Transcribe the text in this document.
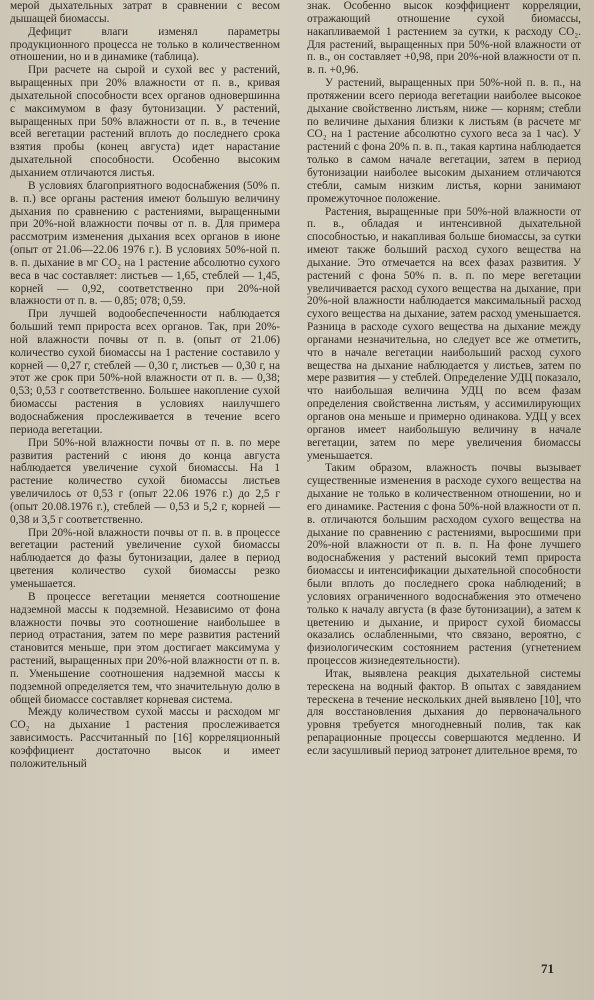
мерой дыхательных затрат в сравнении с весом дышащей биомассы.

Дефицит влаги изменял параметры продукционного процесса не только в количественном отношении, но и в динамике (таблица).

При расчете на сырой и сухой вес у растений, выращенных при 20% влажности от п. в., кривая дыхательной способности всех органов одновершинна с максимумом в фазу бутонизации. У растений, выращенных при 50% влажности от п. в., в течение всей вегетации растений вплоть до последнего срока взятия пробы (конец августа) идет нарастание дыхательной способности. Особенно высоким дыханием отличаются листья.

В условиях благоприятного водоснабжения (50% п. в. п.) все органы растения имеют большую величину дыхания по сравнению с растениями, выращенными при 20%-ной влажности почвы от п. в. Для примера рассмотрим изменения дыхания всех органов в июне (опыт от 21.06—22.06 1976 г.). В условиях 50%-ной п. в. п. дыхание в мг CO₂ на 1 растение абсолютно сухого веса в час составляет: листьев — 1,65, стеблей — 1,45, корней — 0,92, соответственно при 20%-ной влажности от п. в. — 0,85; 078; 0,59.

При лучшей водообеспеченности наблюдается больший темп прироста всех органов. Так, при 20%-ной влажности почвы от п. в. (опыт от 21.06) количество сухой биомассы на 1 растение составило у корней — 0,27 г, стеблей — 0,30 г, листьев — 0,30 г, на этот же срок при 50%-ной влажности от п. в. — 0,38; 0,53; 0,53 г соответственно. Большее накопление сухой биомассы растения в условиях наилучшего водоснабжения прослеживается в течение всего периода вегетации.

При 50%-ной влажности почвы от п. в. по мере развития растений с июня до конца августа наблюдается увеличение сухой биомассы. На 1 растение количество сухой биомассы листьев увеличилось от 0,53 г (опыт 22.06 1976 г.) до 2,5 г (опыт 20.08.1976 г.), стеблей — 0,53 и 5,2 г, корней — 0,38 и 3,5 г соответственно.

При 20%-ной влажности почвы от п. в. в процессе вегетации растений увеличение сухой биомассы наблюдается до фазы бутонизации, далее в период цветения количество сухой биомассы резко уменьшается.

В процессе вегетации меняется соотношение надземной массы к подземной. Независимо от фона влажности почвы это соотношение наибольшее в период отрастания, затем по мере развития растений становится меньше, при этом достигает максимума у растений, выращенных при 20%-ной влажности от п. в. п. Уменьшение соотношения надземной массы к подземной определяется тем, что значительную долю в общей биомассе составляет корневая система.

Между количеством сухой массы и расходом мг CO₂ на дыхание 1 растения прослеживается зависимость. Рассчитанный по [16] корреляционный коэффициент достаточно высок и имеет положительный

знак. Особенно высок коэффициент корреляции, отражающий отношение сухой биомассы, накапливаемой 1 растением за сутки, к расходу CO₂. Для растений, выращенных при 50%-ной влажности от п. в., он составляет +0,98, при 20%-ной влажности от п. в. п. +0,96.

У растений, выращенных при 50%-ной п. в. п., на протяжении всего периода вегетации наиболее высокое дыхание свойственно листьям, ниже — корням; стебли по величине дыхания близки к листьям (в расчете мг CO₂ на 1 растение абсолютно сухого веса за 1 час). У растений с фона 20% п. в. п., такая картина наблюдается только в самом начале вегетации, затем в период бутонизации наиболее высоким дыханием отличаются стебли, самым низким листья, корни занимают промежуточное положение.

Растения, выращенные при 50%-ной влажности от п. в., обладая и интенсивной дыхательной способностью, и накапливая больше биомассы, за сутки имеют также больший расход сухого вещества на дыхание. Это отмечается на всех фазах развития. У растений с фона 50% п. в. п. по мере вегетации увеличивается расход сухого вещества на дыхание, при 20%-ной влажности наблюдается максимальный расход сухого вещества на дыхание, затем расход уменьшается. Разница в расходе сухого вещества на дыхание между органами незначительна, но следует все же отметить, что в начале вегетации наибольший расход сухого вещества на дыхание наблюдается у листьев, затем по мере развития — у стеблей. Определение УДЦ показало, что наибольшая величина УДЦ по всем фазам определения свойственна листьям, у ассимилирующих органов она меньше и примерно одинакова. УДЦ у всех органов имеет наибольшую величину в начале вегетации, затем по мере увеличения биомассы уменьшается.

Таким образом, влажность почвы вызывает существенные изменения в расходе сухого вещества на дыхание не только в количественном отношении, но и его динамике. Растения с фона 50%-ной влажности от п. в. отличаются большим расходом сухого вещества на дыхание по сравнению с растениями, выросшими при 20%-ной влажности от п. в. п. На фоне лучшего водоснабжения у растений высокий темп прироста биомассы и интенсификации дыхательной способности были вплоть до последнего срока наблюдений; в условиях ограниченного водоснабжения это отмечено только к началу августа (в фазе бутонизации), а затем к цветению и дыхание, и прирост сухой биомассы оказались ослабленными, что связано, вероятно, с физиологическим состоянием растения (угнетением процессов жизнедеятельности).

Итак, выявлена реакция дыхательной системы терескена на водный фактор. В опытах с завяданием терескена в течение нескольких дней выявлено [10], что для восстановления дыхания до первоначального уровня требуется многодневный полив, так как репарационные процессы совершаются медленно. И если засушливый период затронет длительное время, то

71
